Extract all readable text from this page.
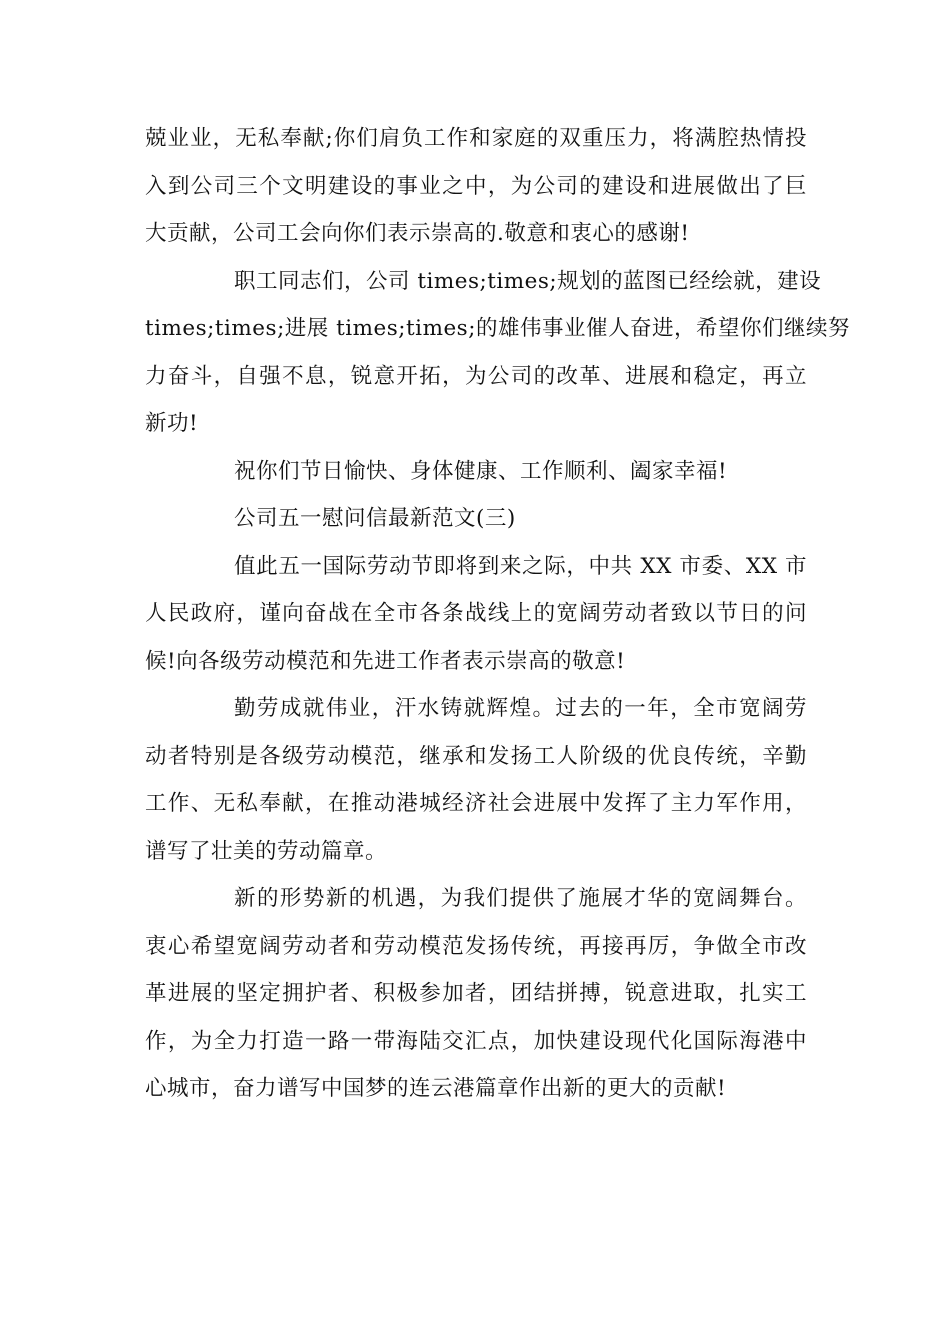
兢业业，无私奉献;你们肩负工作和家庭的双重压力，将满腔热情投
入到公司三个文明建设的事业之中，为公司的建设和进展做出了巨
大贡献，公司工会向你们表示崇高的.敬意和衷心的感谢!
职工同志们，公司 times;times;规划的蓝图已经绘就，建设
times;times;进展 times;times;的雄伟事业催人奋进，希望你们继续努
力奋斗，自强不息，锐意开拓，为公司的改革、进展和稳定，再立
新功!
祝你们节日愉快、身体健康、工作顺利、阖家幸福!
公司五一慰问信最新范文(三)
值此五一国际劳动节即将到来之际，中共 XX 市委、XX 市
人民政府，谨向奋战在全市各条战线上的宽阔劳动者致以节日的问
候!向各级劳动模范和先进工作者表示崇高的敬意!
勤劳成就伟业，汗水铸就辉煌。过去的一年，全市宽阔劳
动者特别是各级劳动模范，继承和发扬工人阶级的优良传统，辛勤
工作、无私奉献，在推动港城经济社会进展中发挥了主力军作用，
谱写了壮美的劳动篇章。
新的形势新的机遇，为我们提供了施展才华的宽阔舞台。
衷心希望宽阔劳动者和劳动模范发扬传统，再接再厉，争做全市改
革进展的坚定拥护者、积极参加者，团结拼搏，锐意进取，扎实工
作，为全力打造一路一带海陆交汇点，加快建设现代化国际海港中
心城市，奋力谱写中国梦的连云港篇章作出新的更大的贡献!
